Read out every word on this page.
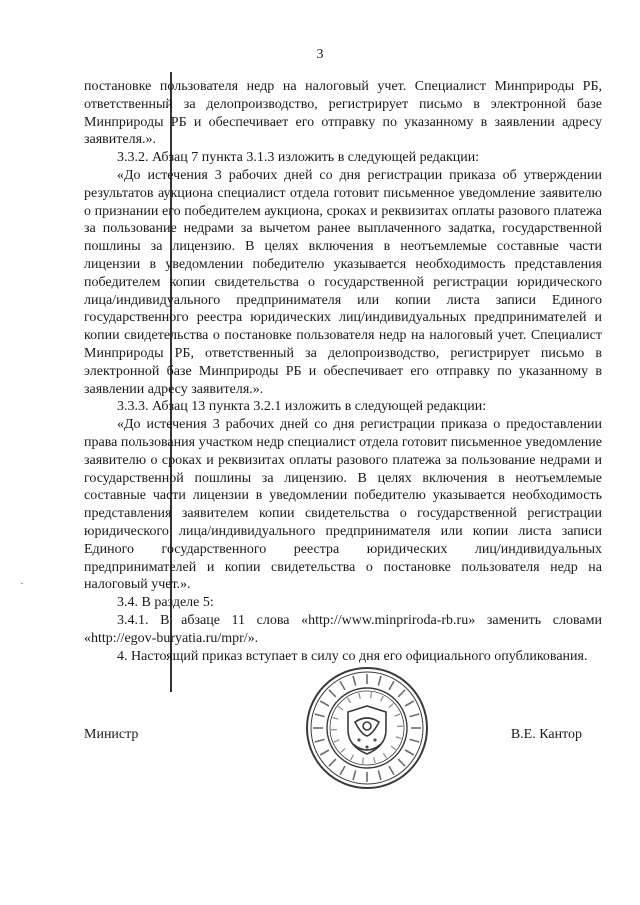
3

постановке пользователя недр на налоговый учет. Специалист Минприроды РБ, ответственный за делопроизводство, регистрирует письмо в электронной базе Минприроды РБ и обеспечивает его отправку по указанному в заявлении адресу заявителя.».

3.3.2. Абзац 7 пункта 3.1.3 изложить в следующей редакции:

«До истечения 3 рабочих дней со дня регистрации приказа об утверждении результатов аукциона специалист отдела готовит письменное уведомление заявителю о признании его победителем аукциона, сроках и реквизитах оплаты разового платежа за пользование недрами за вычетом ранее выплаченного задатка, государственной пошлины за лицензию. В целях включения в неотъемлемые составные части лицензии в уведомлении победителю указывается необходимость представления победителем копии свидетельства о государственной регистрации юридического лица/индивидуального предпринимателя или копии листа записи Единого государственного реестра юридических лиц/индивидуальных предпринимателей и копии свидетельства о постановке пользователя недр на налоговый учет. Специалист Минприроды РБ, ответственный за делопроизводство, регистрирует письмо в электронной базе Минприроды РБ и обеспечивает его отправку по указанному в заявлении адресу заявителя.».

3.3.3. Абзац 13 пункта 3.2.1 изложить в следующей редакции:

«До истечения 3 рабочих дней со дня регистрации приказа о предоставлении права пользования участком недр специалист отдела готовит письменное уведомление заявителю о сроках и реквизитах оплаты разового платежа за пользование недрами и государственной пошлины за лицензию. В целях включения в неотъемлемые составные части лицензии в уведомлении победителю указывается необходимость представления заявителем копии свидетельства о государственной регистрации юридического лица/индивидуального предпринимателя или копии листа записи Единого государственного реестра юридических лиц/индивидуальных предпринимателей и копии свидетельства о постановке пользователя недр на налоговый учет.».

3.4. В разделе 5:

3.4.1. В абзаце 11 слова «http://www.minpriroda-rb.ru» заменить словами «http://egov-buryatia.ru/mpr/».

4. Настоящий приказ вступает в силу со дня его официального опубликования.

Министр	В.Е. Кантор
·
